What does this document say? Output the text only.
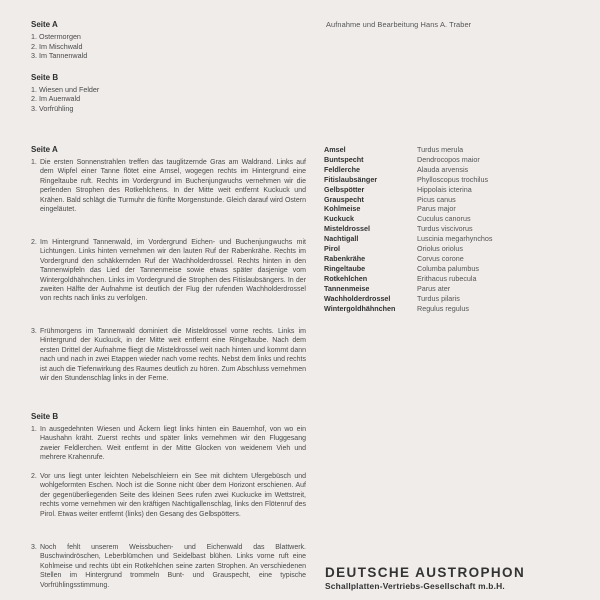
Aufnahme und Bearbeitung Hans A. Traber
Seite A
1. Ostermorgen
2. Im Mischwald
3. Im Tannenwald
Seite B
1. Wiesen und Felder
2. Im Auenwald
3. Vorfrühling
Seite A
1. Die ersten Sonnenstrahlen treffen das tauglitzernde Gras am Waldrand. Links auf dem Wipfel einer Tanne flötet eine Amsel, wogegen rechts im Hintergrund eine Ringeltaube ruft. Rechts im Vordergrund im Buchenjungwuchs vernehmen wir die perlenden Strophen des Rotkehlchens. In der Mitte weit entfernt Kuckuck und Krähen. Bald schlägt die Turmuhr die fünfte Morgenstunde. Gleich darauf wird Ostern eingeläutet.
2. Im Hintergrund Tannenwald, im Vordergrund Eichen- und Buchenjungwuchs mit Lichtungen. Links hinten vernehmen wir den lauten Ruf der Rabenkrähe. Rechts im Vordergrund den schäkkernden Ruf der Wachholderdrossel. Rechts hinten in den Tannenwipfeln das Lied der Tannenmeise sowie etwas später dasjenige vom Wintergoldhähnchen. Links im Vordergrund die Strophen des Fitislaubsängers. In der zweiten Hälfte der Aufnahme ist deutlich der Flug der rufenden Wachholderdrossel von rechts nach links zu verfolgen.
3. Frühmorgens im Tannenwald dominiert die Misteldrossel vorne rechts. Links im Hintergrund der Kuckuck, in der Mitte weit entfernt eine Ringeltaube. Nach dem ersten Drittel der Aufnahme fliegt die Misteldrossel weit nach hinten und kommt dann nach und nach in zwei Etappen wieder nach vorne rechts. Nebst dem links und rechts ist auch die Tiefenwirkung des Raumes deutlich zu hören. Zum Abschluss vernehmen wir den Stundenschlag links in der Ferne.
Seite B
1. In ausgedehnten Wiesen und Äckern liegt links hinten ein Bauernhof, von wo ein Haushahn kräht. Zuerst rechts und später links vernehmen wir den Fluggesang zweier Feldlerchen. Weit entfernt in der Mitte Glocken von weidenem Vieh und mehrere Krahenrufe.
2. Vor uns liegt unter leichten Nebelschleiern ein See mit dichtem Ufergebüsch und wohlgeformten Eschen. Noch ist die Sonne nicht über dem Horizont erschienen. Auf der gegenüberliegenden Seite des kleinen Sees rufen zwei Kuckucke im Wettstreit, rechts vorne vernehmen wir den kräftigen Nachtigallenschlag, links den Flötenruf des Pirol. Etwas weiter entfernt (links) den Gesang des Gelbspötters.
3. Noch fehlt unserem Weissbuchen- und Eichenwald das Blattwerk. Buschwindröschen, Leberblümchen und Seidelbast blühen. Links vorne ruft eine Kohlmeise und rechts übt ein Rotkehlchen seine zarten Strophen. An verschiedenen Stellen im Hintergrund trommeln Bunt- und Grauspecht, eine typische Vorfrühlingsstimmung.
Amsel	Turdus merula
Buntspecht	Dendrocopos maior
Feldlerche	Alauda arvensis
Fitislaubsänger	Phylloscopus trochilus
Gelbspötter	Hippolais icterina
Grauspecht	Picus canus
Kohlmeise	Parus major
Kuckuck	Cuculus canorus
Misteldrossel	Turdus viscivorus
Nachtigall	Luscinia megarhynchos
Pirol	Oriolus oriolus
Rabenkrähe	Corvus corone
Ringeltaube	Columba palumbus
Rotkehlchen	Erithacus rubecula
Tannenmeise	Parus ater
Wachholderdrossel	Turdus pilaris
Wintergoldhähnchen	Regulus regulus
DEUTSCHE AUSTROPHON
Schallplatten-Vertriebs-Gesellschaft m.b.H.
